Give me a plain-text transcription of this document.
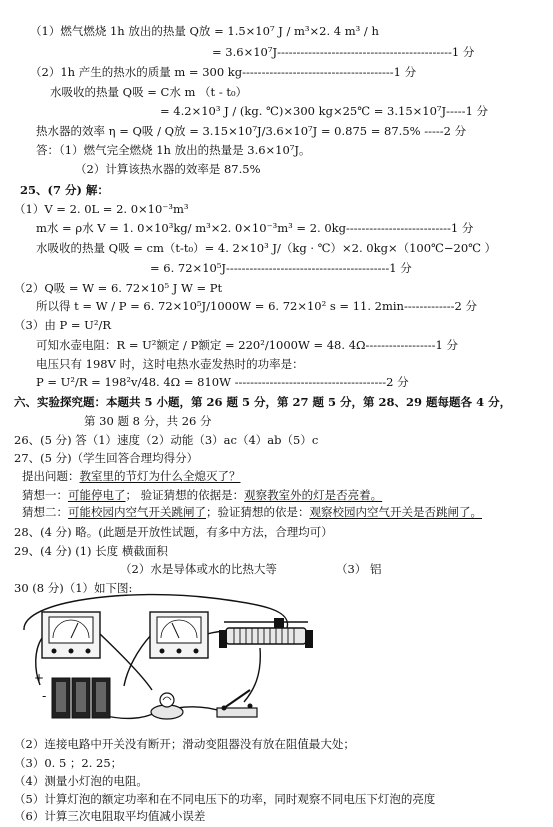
（1）燃气燃烧 1h 放出的热量 Q放 = 1.5×10⁷ J / m³×2. 4 m³ / h
= 3.6×10⁷J---------------------------------------------1 分
（2）1h 产生的热水的质量 m = 300 kg---------------------------------------1 分
水吸收的热量 Q吸 = C水 m （t - t₀）
= 4.2×10³ J / (kg. ℃)×300 kg×25℃ = 3.15×10⁷J-----1 分
热水器的效率 η = Q吸 / Q放 = 3.15×10⁷J/3.6×10⁷J = 0.875 = 87.5% -----2 分
答：（1）燃气完全燃烧 1h 放出的热量是 3.6×10⁷J。
（2）计算该热水器的效率是 87.5%
25、(7 分) 解：
（1）V = 2. 0L = 2. 0×10⁻³m³
m水 = ρ水 V = 1. 0×10³kg/ m³×2. 0×10⁻³m³ = 2. 0kg---------------------------1 分
水吸收的热量 Q吸 = cm（t-t₀）= 4. 2×10³ J/（kg · ℃）×2. 0kg×（100℃−20℃ ）
= 6. 72×10⁵J------------------------------------------1 分
（2）Q吸 = W = 6. 72×10⁵ J W = Pt
所以得 t = W / P = 6. 72×10⁵J/1000W = 6. 72×10² s = 11. 2min-------------2 分
（3）由 P = U²/R
可知水壶电阻：R = U²额定 / P额定 = 220²/1000W = 48. 4Ω------------------1 分
电压只有 198V 时，这时电热水壶发热时的功率是：
P = U²/R = 198²v/48. 4Ω = 810W ---------------------------------------2 分
六、实验探究题：本题共 5 小题，第 26 题 5 分，第 27 题 5 分，第 28、29 题每题各 4 分，
第 30 题 8 分，共 26 分
26、(5 分) 答（1）速度（2）动能（3）ac（4）ab（5）c
27、(5 分)（学生回答合理均得分）
提出问题：教室里的节灯为什么全熄灭了？
猜想一：可能停电了； 验证猜想的依据是：观察教室外的灯是否亮着。
猜想二：可能校园内空气开关跳闸了；验证猜想的依是：观察校园内空气开关是否跳闸了。
28、(4 分) 略。(此题是开放性试题，有多中方法，合理均可）
29、(4 分) (1) 长度 横截面积
（2）水是导体或水的比热大等	（3） 铝
30 (8 分)（1）如下图:
+
-
（2）连接电路中开关没有断开；滑动变阻器没有放在阻值最大处；
（3）0. 5 ；2. 25；
（4）测量小灯泡的电阻。
（5）计算灯泡的额定功率和在不同电压下的功率，同时观察不同电压下灯泡的亮度
（6）计算三次电阻取平均值减小误差
